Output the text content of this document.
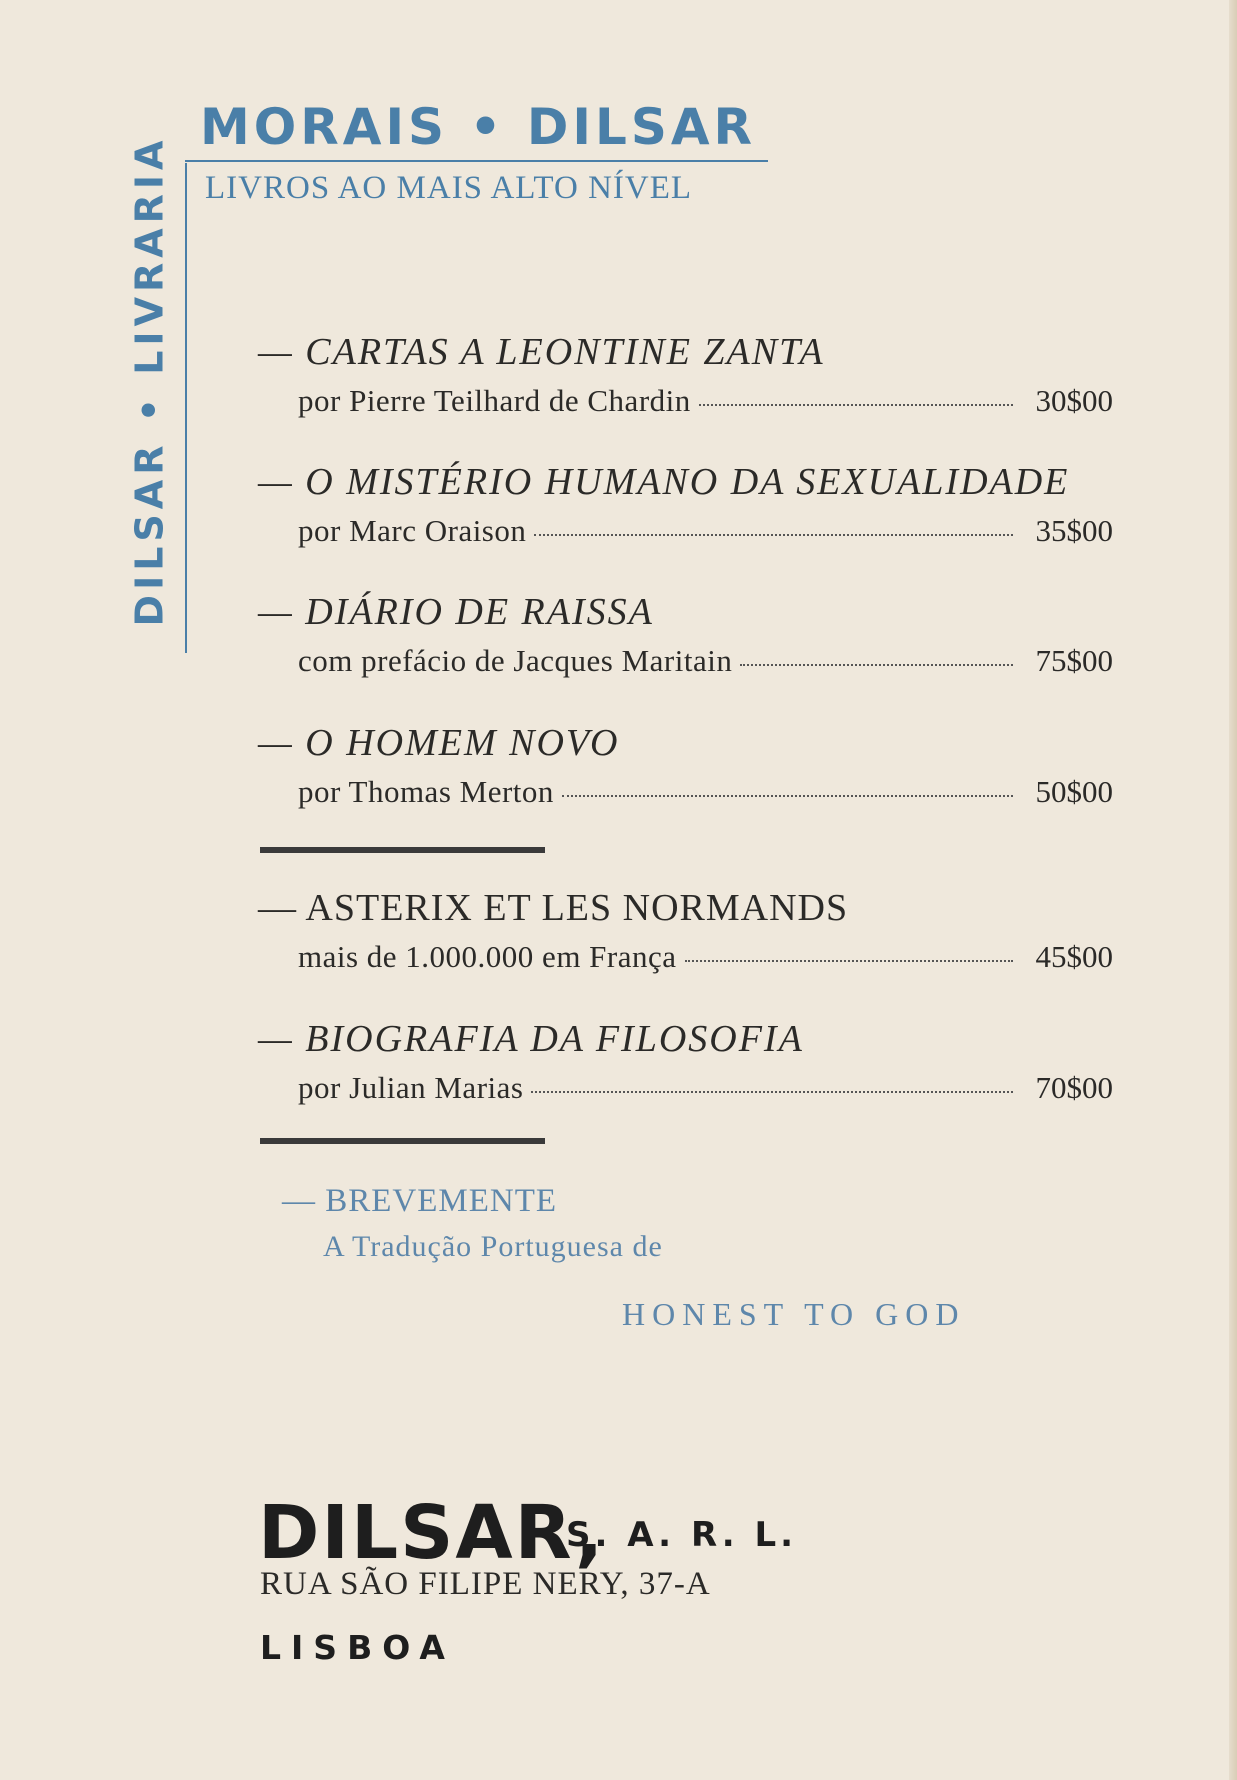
DILSAR • LIVRARIA
MORAIS • DILSAR
LIVROS AO MAIS ALTO NÍVEL
— CARTAS A LEONTINE ZANTA
por Pierre Teilhard de Chardin	30$00
— O MISTÉRIO HUMANO DA SEXUALIDADE
por Marc Oraison	35$00
— DIÁRIO DE RAISSA
com prefácio de Jacques Maritain	75$00
— O HOMEM NOVO
por Thomas Merton	50$00
— ASTERIX ET LES NORMANDS
mais de 1.000.000 em França	45$00
— BIOGRAFIA DA FILOSOFIA
por Julian Marias	70$00
— BREVEMENTE
A Tradução Portuguesa de
HONEST TO GOD
DILSAR,
S. A. R. L.
RUA SÃO FILIPE NERY, 37-A
LISBOA
